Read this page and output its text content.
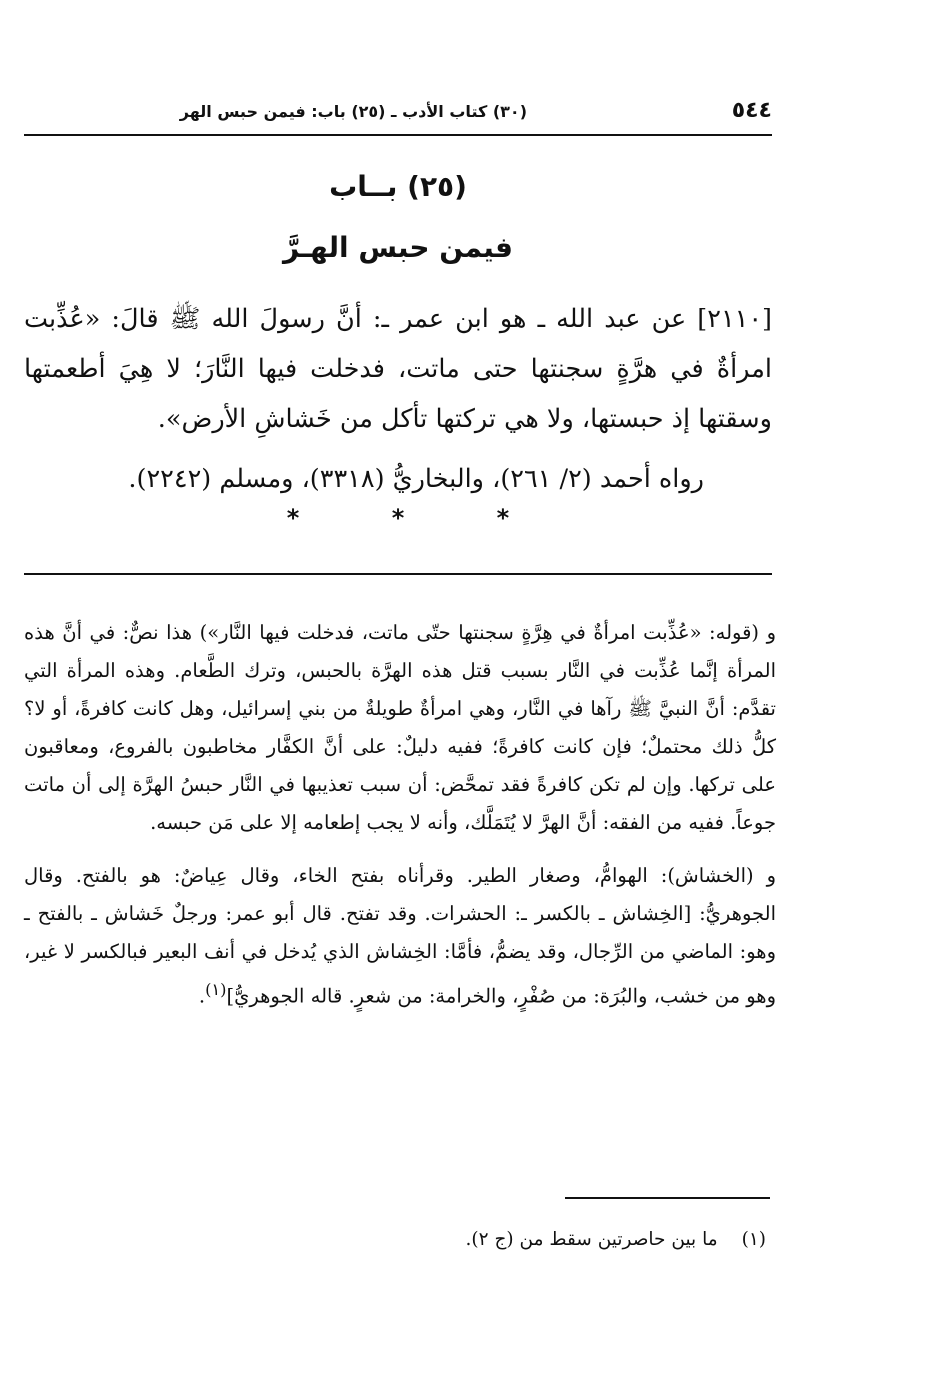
٥٤٤
(٣٠) كتاب الأدب ـ (٢٥) باب: فيمن حبس الهر
(٢٥) بــاب
فيمن حبس الهـرَّ

[٢١١٠] عن عبد الله ـ هو ابن عمر ـ: أنَّ رسولَ الله ﷺ قالَ: «عُذِّبت امرأةٌ في هرَّةٍ سجنتها حتى ماتت، فدخلت فيها النَّارَ؛ لا هِيَ أطعمتها وسقتها إذ حبستها، ولا هي تركتها تأكل من خَشاشِ الأرض».

رواه أحمد (٢/ ٢٦١)، والبخاريُّ (٣٣١٨)، ومسلم (٢٢٤٢).

* * *

و (قوله: «عُذِّبت امرأةٌ في هِرَّةٍ سجنتها حتّى ماتت، فدخلت فيها النَّار») هذا نصٌّ: في أنَّ هذه المرأة إنَّما عُذِّبت في النَّار بسبب قتل هذه الهرَّة بالحبس، وترك الطَّعام. وهذه المرأة التي تقدَّم: أنَّ النبيَّ ﷺ رآها في النَّار، وهي امرأةٌ طويلةٌ من بني إسرائيل، وهل كانت كافرةً، أو لا؟ كلُّ ذلك محتملٌ؛ فإن كانت كافرةً؛ ففيه دليلٌ: على أنَّ الكفَّار مخاطبون بالفروع، ومعاقبون على تركها. وإن لم تكن كافرةً فقد تمحَّض: أن سبب تعذيبها في النَّار حبسُ الهرَّة إلى أن ماتت جوعاً. ففيه من الفقه: أنَّ الهرَّ لا يُتَمَلَّك، وأنه لا يجب إطعامه إلا على مَن حبسه.

و (الخشاش): الهوامُّ، وصغار الطير. وقرأناه بفتح الخاء، وقال عِياضٌ: هو بالفتح. وقال الجوهريُّ: [الخِشاش ـ بالكسر ـ: الحشرات. وقد تفتح. قال أبو عمر: ورجلٌ خَشاش ـ بالفتح ـ وهو: الماضي من الرِّجال، وقد يضمُّ، فأمَّا: الخِشاش الذي يُدخل في أنف البعير فبالكسر لا غير، وهو من خشب، والبُرَة: من صُفْرٍ، والخرامة: من شعرٍ. قاله الجوهريُّ]$^{(١)}$.

(١)ما بين حاصرتين سقط من (ج ٢).
